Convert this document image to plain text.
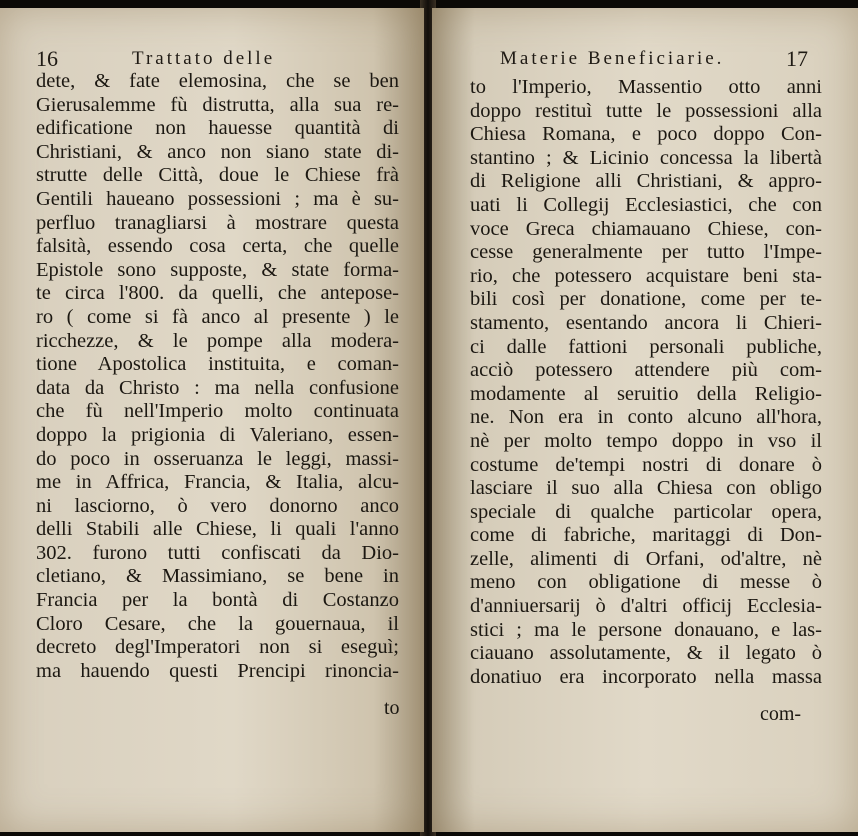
16	Trattato delle	Materie Beneficiarie.	17
dete, & fate elemosina, che se ben
Gierusalemme fù distrutta, alla sua re-
edificatione non hauesse quantità di
Christiani, & anco non siano state di-
strutte delle Città, doue le Chiese frà
Gentili haueano possessioni ; ma è su-
perfluo tranagliarsi à mostrare questa
falsità, essendo cosa certa, che quelle
Epistole sono supposte, & state forma-
te circa l'800. da quelli, che antepose-
ro ( come si fà anco al presente ) le
ricchezze, & le pompe alla modera-
tione Apostolica instituita, e coman-
data da Christo : ma nella confusione
che fù nell'Imperio molto continuata
doppo la prigionia di Valeriano, essen-
do poco in osseruanza le leggi, massi-
me in Affrica, Francia, & Italia, alcu-
ni lasciorno, ò vero donorno anco
delli Stabili alle Chiese, li quali l'anno
302. furono tutti confiscati da Dio-
cletiano, & Massimiano, se bene in
Francia per la bontà di Costanzo
Cloro Cesare, che la gouernaua, il
decreto degl'Imperatori non si eseguì;
ma hauendo questi Prencipi rinoncia-
to l'Imperio, Massentio otto anni
doppo restituì tutte le possessioni alla
Chiesa Romana, e poco doppo Con-
stantino ; & Licinio concessa la libertà
di Religione alli Christiani, & appro-
uati li Collegij Ecclesiastici, che con
voce Greca chiamauano Chiese, con-
cesse generalmente per tutto l'Impe-
rio, che potessero acquistare beni sta-
bili così per donatione, come per te-
stamento, esentando ancora li Chieri-
ci dalle fattioni personali publiche,
acciò potessero attendere più com-
modamente al seruitio della Religio-
ne. Non era in conto alcuno all'hora,
nè per molto tempo doppo in vso il
costume de'tempi nostri di donare ò
lasciare il suo alla Chiesa con obligo
speciale di qualche particolar opera,
come di fabriche, maritaggi di Don-
zelle, alimenti di Orfani, od'altre, nè
meno con obligatione di messe ò
d'anniuersarij ò d'altri officij Ecclesia-
stici ; ma le persone donauano, e las-
ciauano assolutamente, & il legato ò
donatiuo era incorporato nella massa
to	com-
